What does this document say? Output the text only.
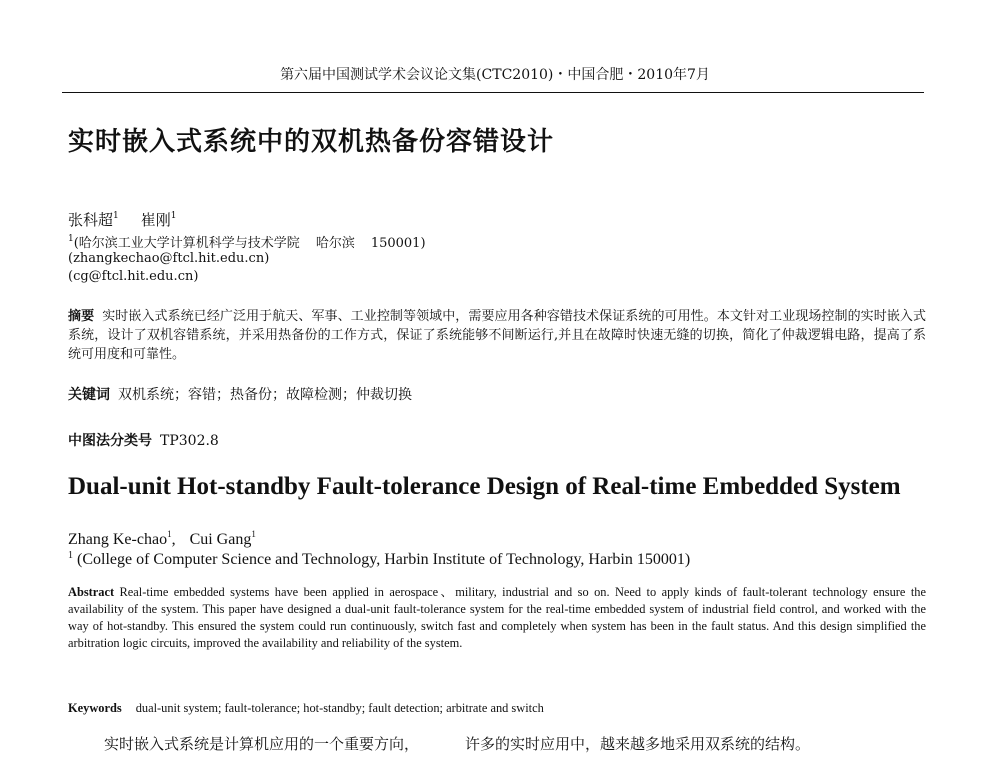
第六届中国测试学术会议论文集(CTC2010)・中国合肥・2010年7月
实时嵌入式系统中的双机热备份容错设计
张科超$^1$ 崔刚$^1$
$^1$(哈尔滨工业大学计算机科学与技术学院 哈尔滨 150001)
(zhangkechao@ftcl.hit.edu.cn)
(cg@ftcl.hit.edu.cn)
摘要 实时嵌入式系统已经广泛用于航天、军事、工业控制等领域中，需要应用各种容错技术保证系统的可用性。本文针对工业现场控制的实时嵌入式系统，设计了双机容错系统，并采用热备份的工作方式，保证了系统能够不间断运行,并且在故障时快速无缝的切换，简化了仲裁逻辑电路，提高了系统可用度和可靠性。
关键词 双机系统；容错；热备份；故障检测；仲裁切换
中图法分类号 TP302.8
Dual-unit Hot-standby Fault-tolerance Design of Real-time Embedded System
Zhang Ke-chao$^1$, Cui Gang$^1$
$^1$ (College of Computer Science and Technology, Harbin Institute of Technology, Harbin 150001)
Abstract Real-time embedded systems have been applied in aerospace、military, industrial and so on. Need to apply kinds of fault-tolerant technology ensure the availability of the system. This paper have designed a dual-unit fault-tolerance system for the real-time embedded system of industrial field control, and worked with the way of hot-standby. This ensured the system could run continuously, switch fast and completely when system has been in the fault status. And this design simplified the arbitration logic circuits, improved the availability and reliability of the system.
Keywords dual-unit system; fault-tolerance; hot-standby; fault detection; arbitrate and switch
实时嵌入式系统是计算机应用的一个重要方向，	许多的实时应用中，越来越多地采用双系统的结构。
